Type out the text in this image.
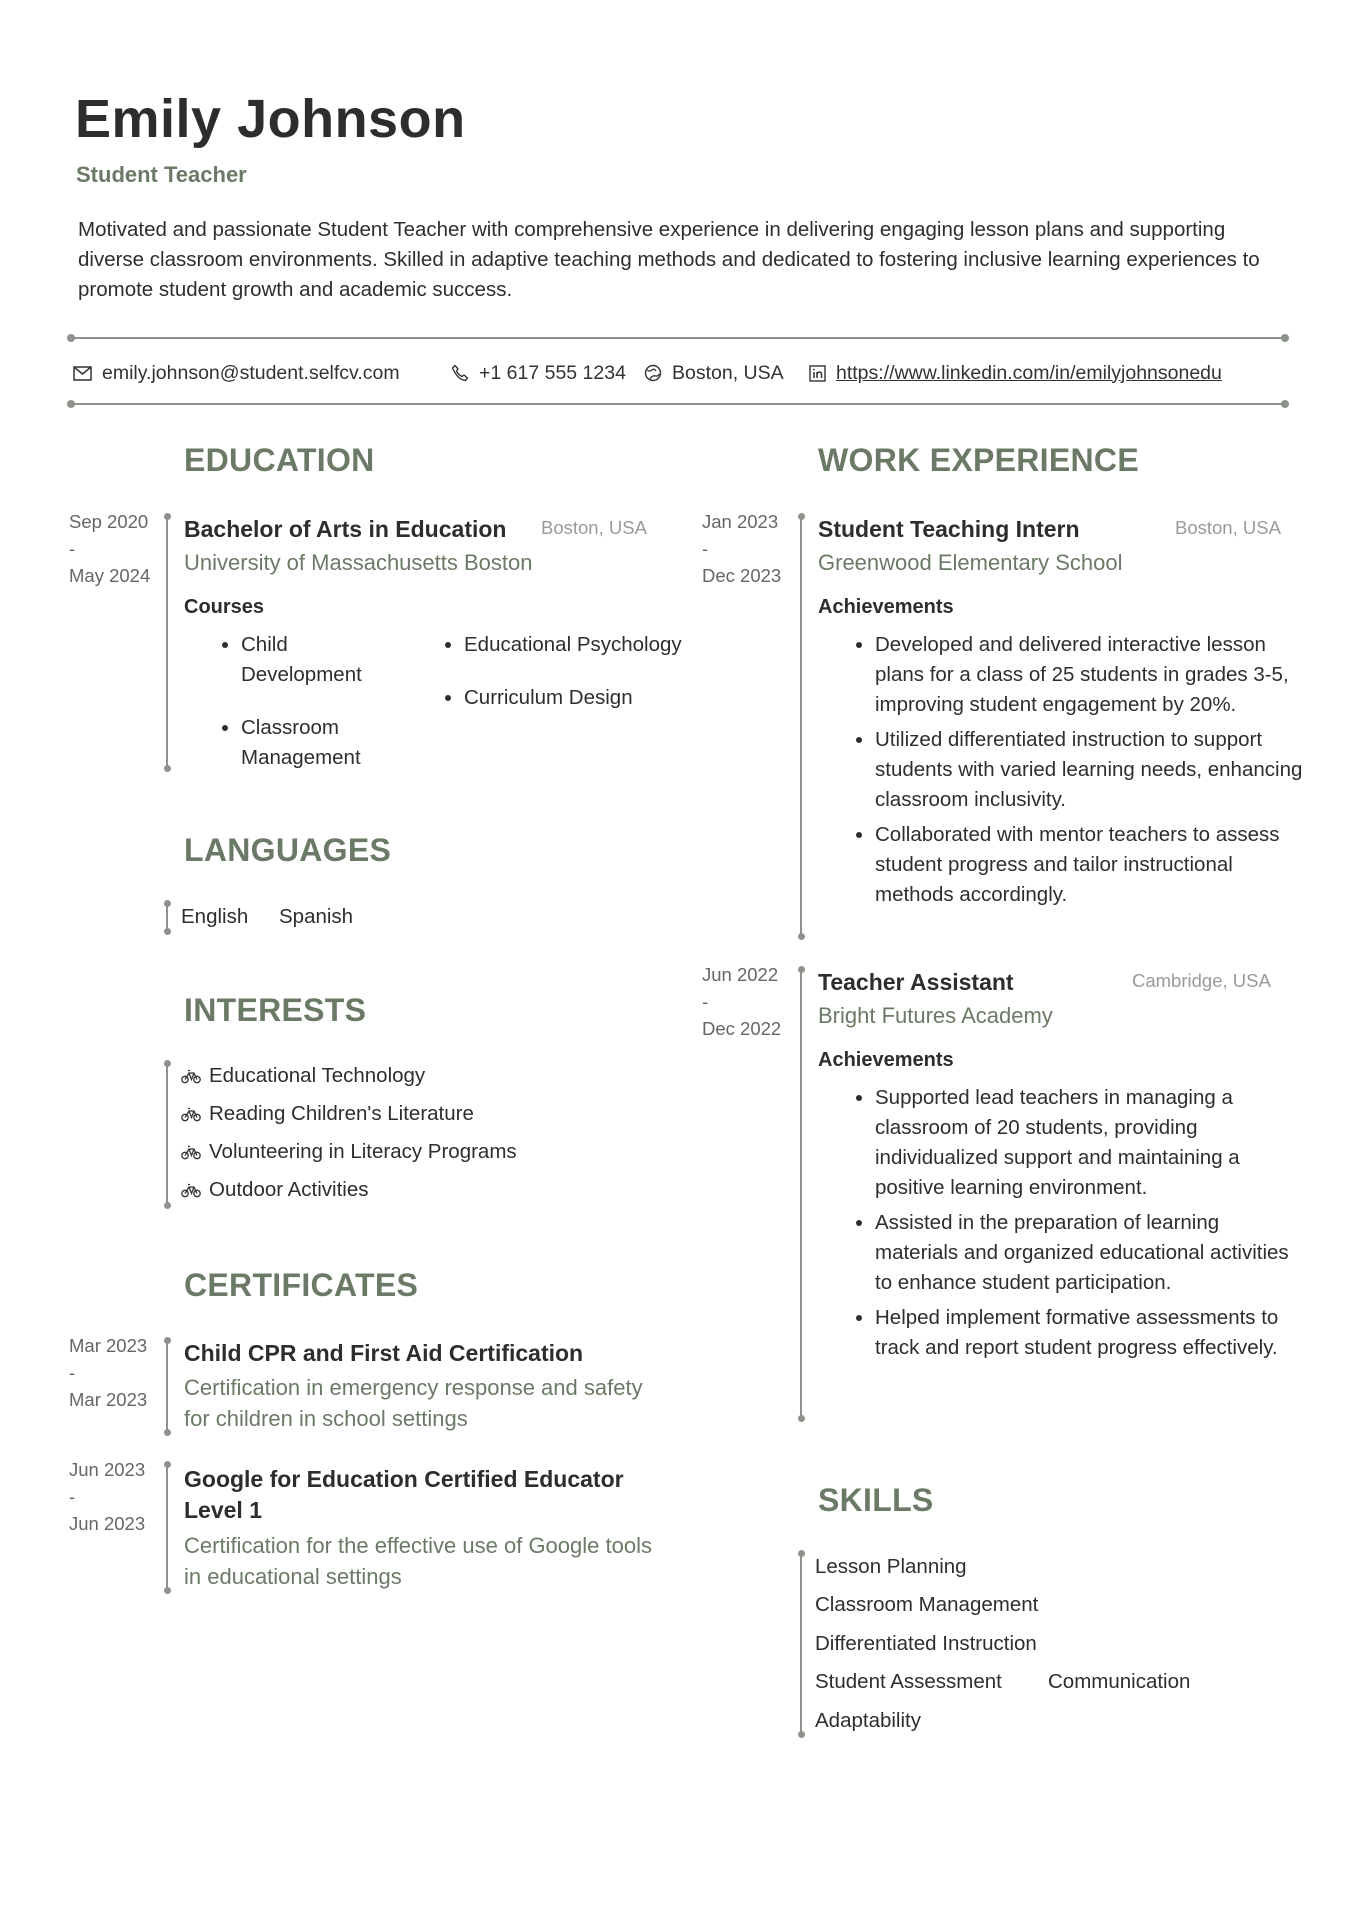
Emily Johnson
Student Teacher
Motivated and passionate Student Teacher with comprehensive experience in delivering engaging lesson plans and supporting diverse classroom environments. Skilled in adaptive teaching methods and dedicated to fostering inclusive learning experiences to promote student growth and academic success.
emily.johnson@student.selfcv.com	+1 617 555 1234 Boston, USA	https://www.linkedin.com/in/emilyjohnsonedu
EDUCATION
Sep 2020
-
May 2024
Bachelor of Arts in Education Boston, USA
University of Massachusetts Boston
Courses
• Child Development
• Classroom Management
• Educational Psychology
• Curriculum Design
LANGUAGES
English Spanish
INTERESTS
Educational Technology
Reading Children's Literature
Volunteering in Literacy Programs
Outdoor Activities
CERTIFICATES
Mar 2023
-
Mar 2023
Child CPR and First Aid Certification
Certification in emergency response and safety for children in school settings
Jun 2023
-
Jun 2023
Google for Education Certified Educator Level 1
Certification for the effective use of Google tools in educational settings
WORK EXPERIENCE
Jan 2023
-
Dec 2023
Student Teaching Intern	Boston, USA
Greenwood Elementary School
Achievements
• Developed and delivered interactive lesson plans for a class of 25 students in grades 3-5, improving student engagement by 20%.
• Utilized differentiated instruction to support students with varied learning needs, enhancing classroom inclusivity.
• Collaborated with mentor teachers to assess student progress and tailor instructional methods accordingly.
Jun 2022
-
Dec 2022
Teacher Assistant	Cambridge, USA
Bright Futures Academy
Achievements
• Supported lead teachers in managing a classroom of 20 students, providing individualized support and maintaining a positive learning environment.
• Assisted in the preparation of learning materials and organized educational activities to enhance student participation.
• Helped implement formative assessments to track and report student progress effectively.
SKILLS
Lesson Planning
Classroom Management
Differentiated Instruction
Student Assessment Communication
Adaptability
